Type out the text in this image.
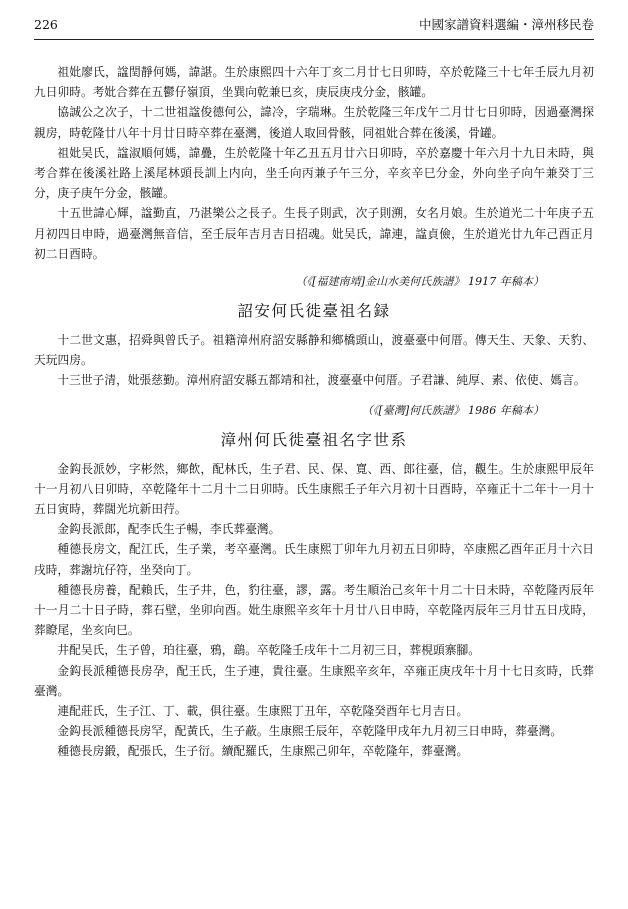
226	中國家譜資料選編・漳州移民卷

祖妣廖氏，諡閏靜何媽，諱諶。生於康熙四十六年丁亥二月廿七日卯時，卒於乾隆三十七年壬辰九月初九日卯時。考妣合葬在五鬱仔嶺頂，坐巽向乾兼巳亥，庚辰庚戌分金，骸罐。

協誠公之次子，十二世祖諡俊德何公，諱冷，字瑞琳。生於乾隆三年戊午二月廿七日卯時，因過臺灣探親房，時乾隆廿八年十月廿日時卒葬在臺灣，後道人取回骨骸，同祖妣合葬在後溪，骨罐。

祖妣吴氏，諡淑順何媽，諱疊，生於乾隆十年乙丑五月廿六日卯時，卒於嘉慶十年六月十九日未時，與考合葬在後溪社路上溪尾林頭長訓上内向，坐壬向丙兼子午三分，辛亥辛巳分金，外向坐子向午兼癸丁三分，庚子庚午分金，骸罐。

十五世諱心輝，諡勤直，乃湛樂公之長子。生長子則武，次子則溯，女名月娘。生於道光二十年庚子五月初四日申時，過臺灣無音信，至壬辰年吉月吉日招魂。妣吴氏，諱連，諡貞儉，生於道光廿九年己酉正月初二日酉時。

（《[福建南靖]金山水美何氏族譜》 1917 年稿本）
詔安何氏徙臺祖名録

十二世文惠，招舜與曾氏子。祖籍漳州府詔安縣静和鄉橋頭山，渡臺臺中何厝。傳天生、天象、天豹、天玩四房。

十三世子清，妣張慈勤。漳州府詔安縣五都靖和社，渡臺臺中何厝。子君謙、純厚、素、依使、媽言。

（《[臺灣]何氏族譜》 1986 年稿本）
漳州何氏徙臺祖名字世系

金鈎長派妙，字彬然，鄉飲，配林氏，生子君、民、保、寬、西、郎往臺，信，觀生。生於康熙甲辰年十一月初八日卯時，卒乾隆年十二月十二日卯時。氏生康熙壬子年六月初十日酉時，卒雍正十二年十一月十五日寅時，葬闊光坑新田荇。

金鈎長派郎，配李氏生子暢，李氏葬臺灣。

種德長房文，配江氏，生子業，考卒臺灣。氏生康熙丁卯年九月初五日卯時，卒康熙乙酉年正月十六日戌時，葬謝坑仔符，坐癸向丁。

種德長房養，配賴氏，生子井，色，豹往臺，謬，露。考生順治己亥年十月二十日未時，卒乾隆丙辰年十一月二十日子時，葬石壁，坐卯向酉。妣生康熙辛亥年十月廿八日申時，卒乾隆丙辰年三月廿五日戌時，葬瞭尾，坐亥向巳。

井配吴氏，生子曾，珀往臺，鴉，鷂。卒乾隆壬戌年十二月初三日，葬梘頭寨腳。

金鈎長派種德長房孕，配王氏，生子連，貴往臺。生康熙辛亥年，卒雍正庚戌年十月十七日亥時，氏葬臺灣。

連配莊氏，生子江、丁、載，俱往臺。生康熙丁丑年，卒乾隆癸酉年七月吉日。

金鈎長派種德長房罕，配黃氏，生子蔽。生康熙壬辰年，卒乾隆甲戌年九月初三日申時，葬臺灣。

種德長房鍛，配張氏，生子衍。續配羅氏，生康熙己卯年，卒乾隆年，葬臺灣。
